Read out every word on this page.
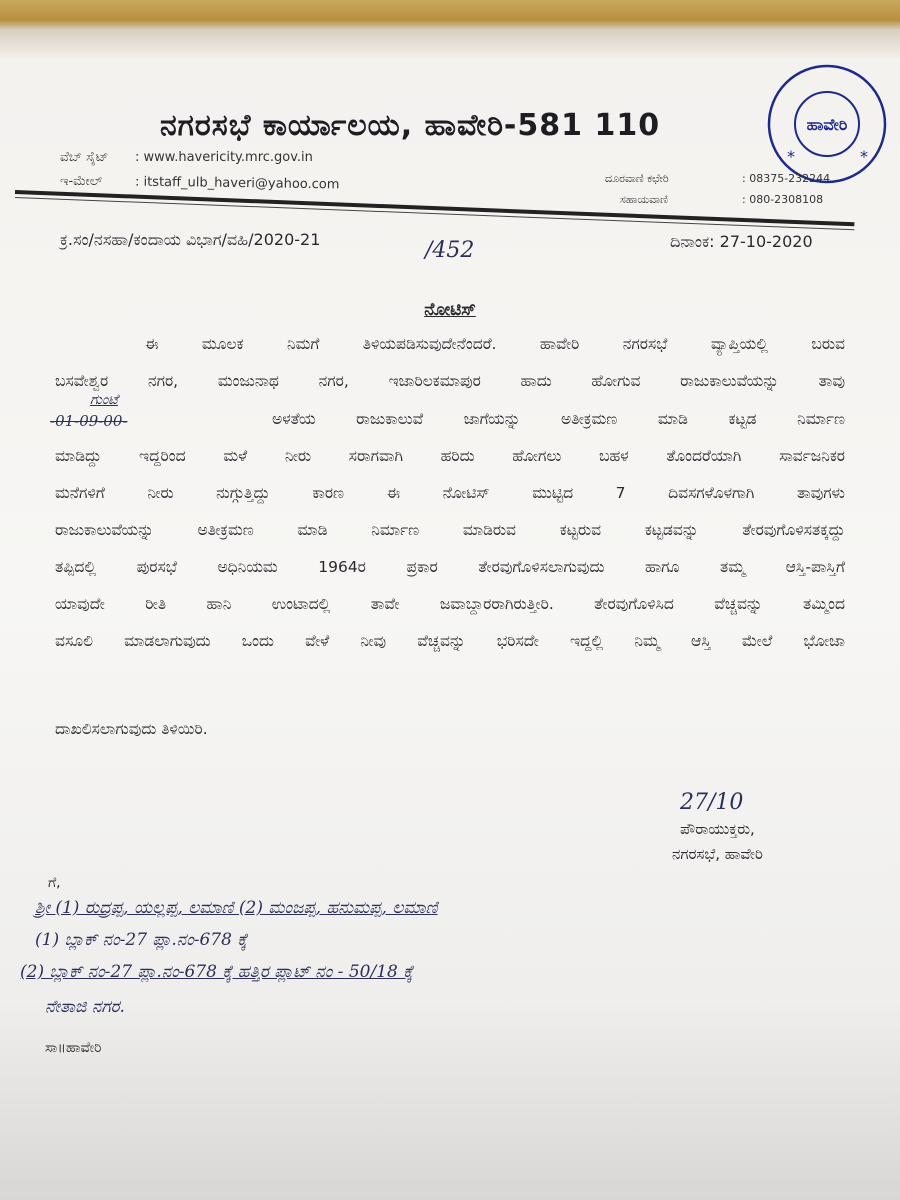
ನಗರಸಭೆ ಕಾರ್ಯಾಲಯ, ಹಾವೇರಿ-581 110	ಹಾವೇರಿ
*	*
ವೆಬ್ ಸೈಟ್ : www.havericity.mrc.gov.in
ಇ-ಮೇಲ್ : itstaff_ulb_haveri@yahoo.com	ದೂರವಾಣಿ ಕಛೇರಿ	: 08375-232244
ಸಹಾಯವಾಣಿ	: 080-2308108
ಕ್ರ.ಸಂ/ನಸಹಾ/ಕಂದಾಯ ವಿಭಾಗ/ವಹಿ/2020-21	/452	ದಿನಾಂಕ: 27-10-2020
ನೋಟಿಸ್
ಈ ಮೂಲಕ ನಿಮಗೆ ತಿಳಿಯಪಡಿಸುವುದೇನೆಂದರೆ. ಹಾವೇರಿ ನಗರಸಭೆ ವ್ಯಾಪ್ತಿಯಲ್ಲಿ ಬರುವ
ಬಸವೇಶ್ವರ ನಗರ, ಮಂಜುನಾಥ ನಗರ, ಇಜಾರಿಲಕಮಾಪುರ ಹಾದು ಹೋಗುವ ರಾಜುಕಾಲುವೆಯನ್ನು ತಾವು
ಗುಂಟೆ
-01-09-00-	ಅಳತೆಯ ರಾಜುಕಾಲುವೆ ಜಾಗೆಯನ್ನು ಅತೀಕ್ರಮಣ ಮಾಡಿ ಕಟ್ಟಡ ನಿರ್ಮಾಣ
ಮಾಡಿದ್ದು ಇದ್ದರಿಂದ ಮಳೆ ನೀರು ಸರಾಗವಾಗಿ ಹರಿದು ಹೋಗಲು ಬಹಳ ತೊಂದರೆಯಾಗಿ ಸಾರ್ವಜನಿಕರ
ಮನೆಗಳಿಗೆ ನೀರು ನುಗ್ಗುತ್ತಿದ್ದು ಕಾರಣ ಈ ನೋಟಿಸ್ ಮುಟ್ಟಿದ 7 ದಿವಸಗಳೊಳಗಾಗಿ ತಾವುಗಳು
ರಾಜುಕಾಲುವೆಯನ್ನು ಅತೀಕ್ರಮಣ ಮಾಡಿ ನಿರ್ಮಾಣ ಮಾಡಿರುವ ಕಟ್ಟರುವ ಕಟ್ಟಡವನ್ನು ತೇರವುಗೊಳಿಸತಕ್ಕದ್ದು
ತಪ್ಪಿದಲ್ಲಿ ಪುರಸಭೆ ಅಧಿನಿಯಮ 1964ರ ಪ್ರಕಾರ ತೇರವುಗೊಳಿಸಲಾಗುವುದು ಹಾಗೂ ತಮ್ಮ ಆಸ್ತಿ-ಪಾಸ್ತಿಗೆ
ಯಾವುದೇ ರೀತಿ ಹಾನಿ ಉಂಟಾದಲ್ಲಿ ತಾವೇ ಜವಾಬ್ದಾರರಾಗಿರುತ್ತೀರಿ. ತೇರವುಗೊಳಿಸಿದ ವೆಚ್ಚವನ್ನು ತಮ್ಮಿಂದ
ವಸೂಲಿ ಮಾಡಲಾಗುವುದು ಒಂದು ವೇಳೆ ನೀವು ವೆಚ್ಚವನ್ನು ಭರಿಸದೇ ಇದ್ದಲ್ಲಿ ನಿಮ್ಮ ಆಸ್ತಿ ಮೇಲೆ ಭೋಜಾ
ದಾಖಲಿಸಲಾಗುವುದು ತಿಳಿಯಿರಿ.
27/10
ಪೌರಾಯುಕ್ತರು,
ನಗರಸಭೆ, ಹಾವೇರಿ
ಗೆ,
ಶ್ರೀ (1) ರುದ್ರಪ್ಪ, ಯಲ್ಲಪ್ಪ, ಲಮಾಣಿ (2) ಮಂಜಪ್ಪ, ಹನುಮಪ್ಪ, ಲಮಾಣಿ
(1) ಬ್ಲಾಕ್ ನಂ-27 ಪ್ಲಾ.ನಂ-678 ಕ್ಕೆ
(2) ಬ್ಲಾಕ್ ನಂ-27 ಪ್ಲಾ.ನಂ-678 ಕ್ಕೆ ಹತ್ತಿರ ಪ್ಲಾಟ್ ನಂ - 50/18 ಕ್ಕೆ
ನೇತಾಜಿ ನಗರ.
ಸಾ॥ಹಾವೇರಿ
